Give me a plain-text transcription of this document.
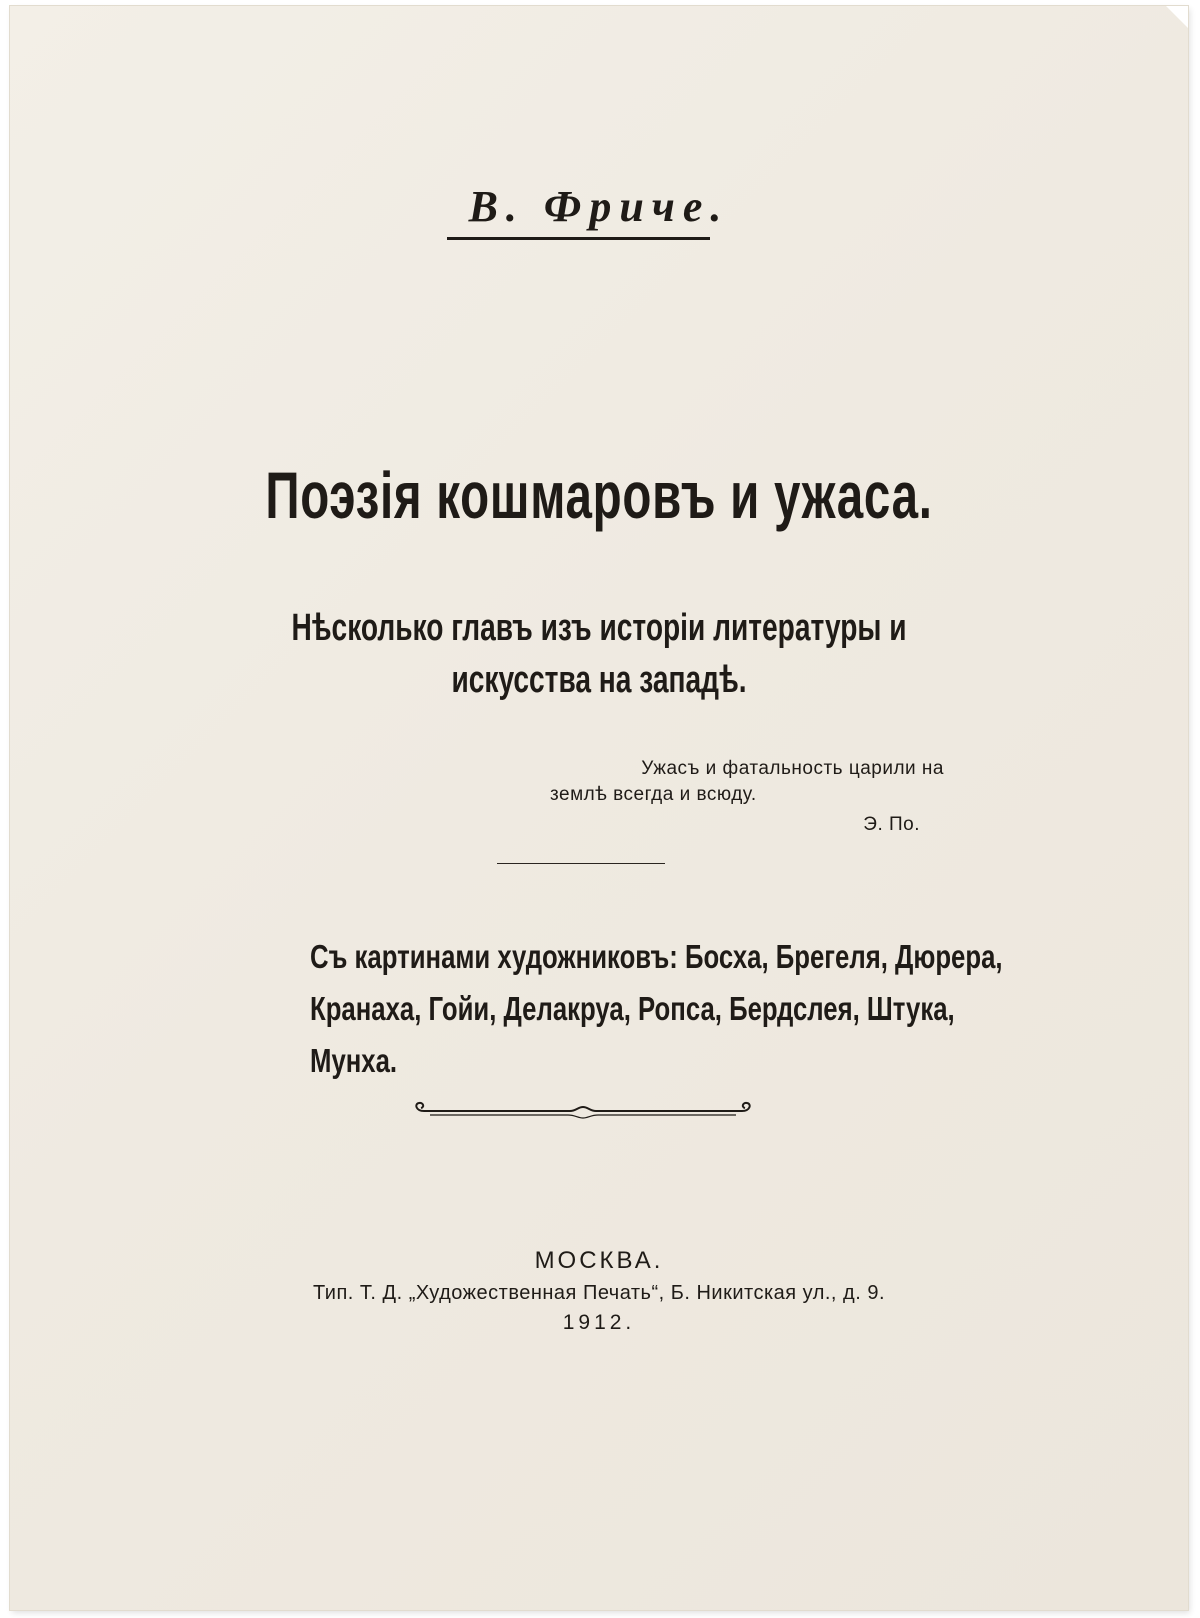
В. Фриче.
Поэзія кошмаровъ и ужаса.
Нѣсколько главъ изъ исторіи литературы и
искусства на западѣ.
Ужасъ и фатальность царили на
землѣ всегда и всюду.
Э. По.
Съ картинами художниковъ: Босха, Брегеля, Дюрера,
Кранаха, Гойи, Делакруа, Ропса, Бердслея, Штука,
Мунха.
МОСКВА.
Тип. Т. Д. „Художественная Печать“, Б. Никитская ул., д. 9.
1912.
